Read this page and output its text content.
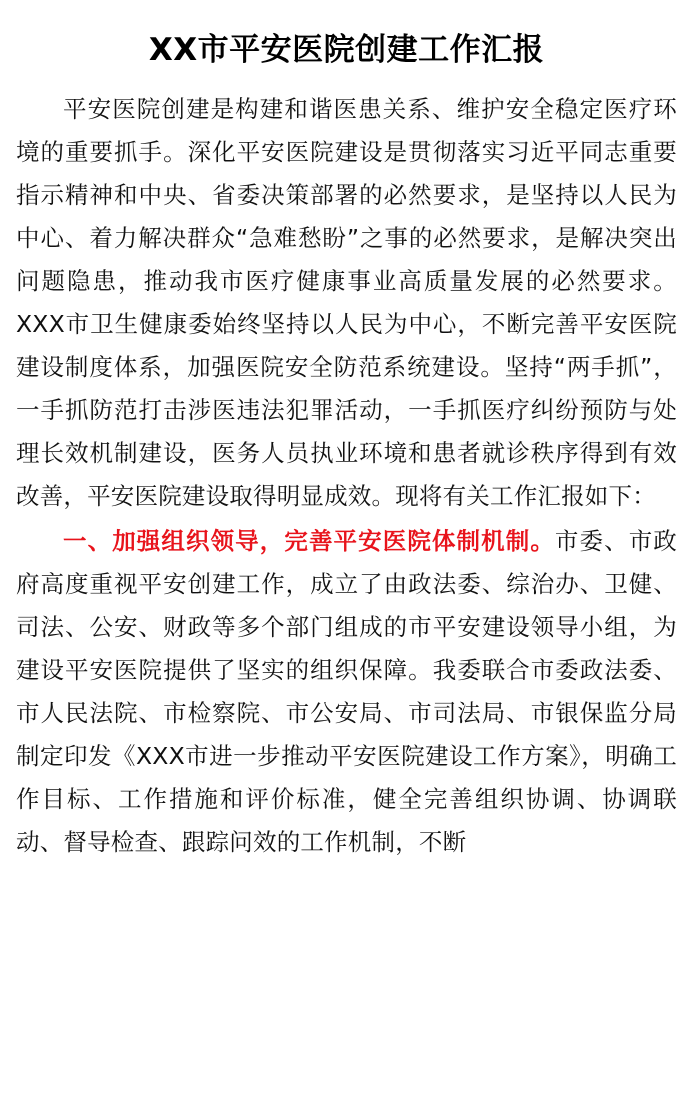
XX市平安医院创建工作汇报

平安医院创建是构建和谐医患关系、维护安全稳定医疗环境的重要抓手。深化平安医院建设是贯彻落实习近平同志重要指示精神和中央、省委决策部署的必然要求，是坚持以人民为中心、着力解决群众“急难愁盼”之事的必然要求，是解决突出问题隐患，推动我市医疗健康事业高质量发展的必然要求。XXX市卫生健康委始终坚持以人民为中心，不断完善平安医院建设制度体系，加强医院安全防范系统建设。坚持“两手抓”，一手抓防范打击涉医违法犯罪活动，一手抓医疗纠纷预防与处理长效机制建设，医务人员执业环境和患者就诊秩序得到有效改善，平安医院建设取得明显成效。现将有关工作汇报如下：

一、加强组织领导，完善平安医院体制机制。市委、市政府高度重视平安创建工作，成立了由政法委、综治办、卫健、司法、公安、财政等多个部门组成的市平安建设领导小组，为建设平安医院提供了坚实的组织保障。我委联合市委政法委、市人民法院、市检察院、市公安局、市司法局、市银保监分局制定印发《XXX市进一步推动平安医院建设工作方案》，明确工作目标、工作措施和评价标准，健全完善组织协调、协调联动、督导检查、跟踪问效的工作机制，不断
